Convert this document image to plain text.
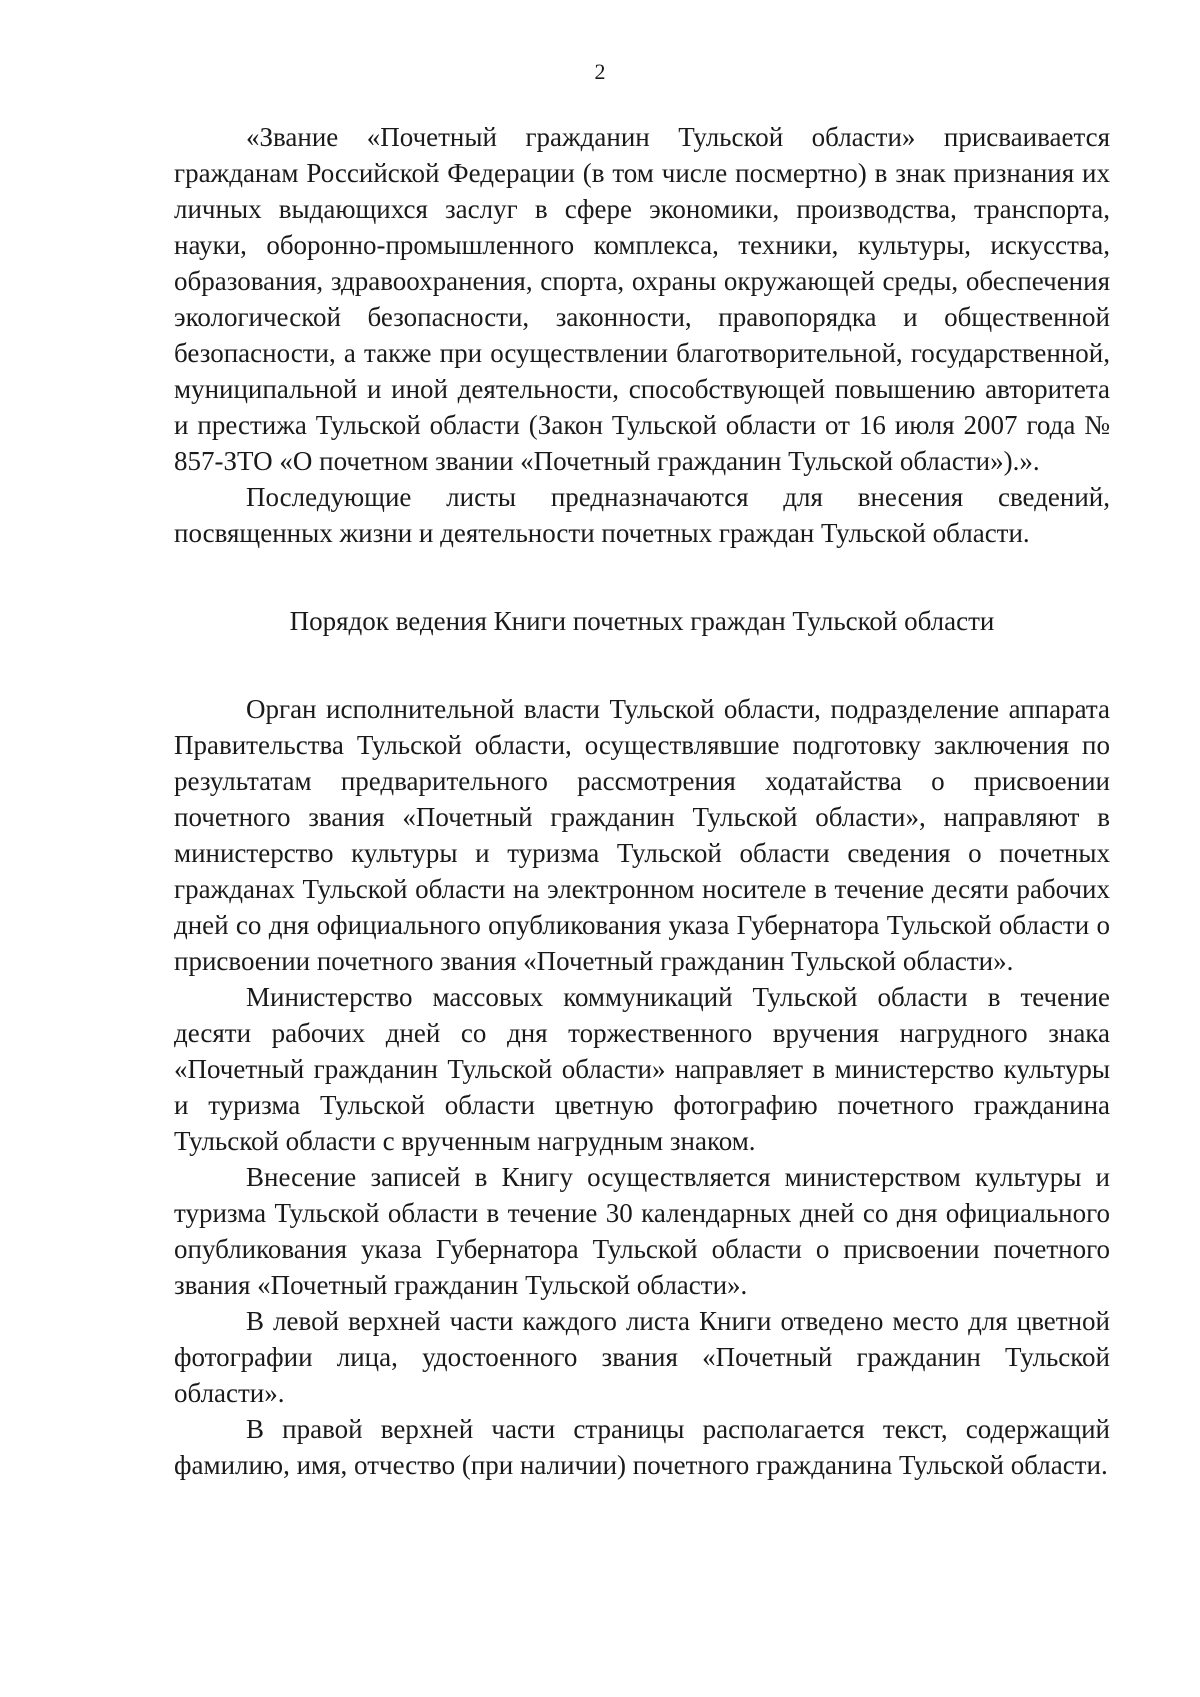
2

«Звание «Почетный гражданин Тульской области» присваивается гражданам Российской Федерации (в том числе посмертно) в знак признания их личных выдающихся заслуг в сфере экономики, производства, транспорта, науки, оборонно-промышленного комплекса, техники, культуры, искусства, образования, здравоохранения, спорта, охраны окружающей среды, обеспечения экологической безопасности, законности, правопорядка и общественной безопасности, а также при осуществлении благотворительной, государственной, муниципальной и иной деятельности, способствующей повышению авторитета и престижа Тульской области (Закон Тульской области от 16 июля 2007 года № 857-ЗТО «О почетном звании «Почетный гражданин Тульской области»).».

Последующие листы предназначаются для внесения сведений, посвященных жизни и деятельности почетных граждан Тульской области.

Порядок ведения Книги почетных граждан Тульской области

Орган исполнительной власти Тульской области, подразделение аппарата Правительства Тульской области, осуществлявшие подготовку заключения по результатам предварительного рассмотрения ходатайства о присвоении почетного звания «Почетный гражданин Тульской области», направляют в министерство культуры и туризма Тульской области сведения о почетных гражданах Тульской области на электронном носителе в течение десяти рабочих дней со дня официального опубликования указа Губернатора Тульской области о присвоении почетного звания «Почетный гражданин Тульской области».

Министерство массовых коммуникаций Тульской области в течение десяти рабочих дней со дня торжественного вручения нагрудного знака «Почетный гражданин Тульской области» направляет в министерство культуры и туризма Тульской области цветную фотографию почетного гражданина Тульской области с врученным нагрудным знаком.

Внесение записей в Книгу осуществляется министерством культуры и туризма Тульской области в течение 30 календарных дней со дня официального опубликования указа Губернатора Тульской области о присвоении почетного звания «Почетный гражданин Тульской области».

В левой верхней части каждого листа Книги отведено место для цветной фотографии лица, удостоенного звания «Почетный гражданин Тульской области».

В правой верхней части страницы располагается текст, содержащий фамилию, имя, отчество (при наличии) почетного гражданина Тульской области.
